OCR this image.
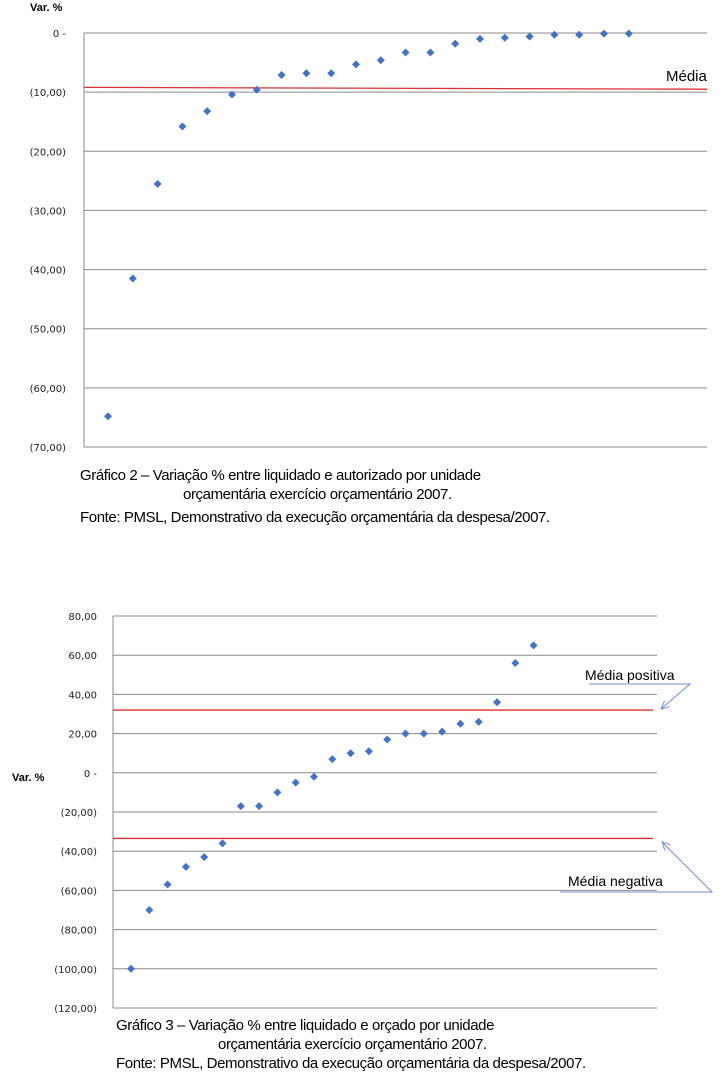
0 -
(10,00)
(20,00)
(30,00)
(40,00)
(50,00)
(60,00)
(70,00)
Var. %
Média
80,00
60,00
40,00
20,00
0 -
(20,00)
(40,00)
(60,00)
(80,00)
(100,00)
(120,00)
Var. %
Média positiva
Média negativa
Gráfico 2 – Variação % entre liquidado e autorizado por unidade
orçamentária exercício orçamentário 2007.
Fonte: PMSL, Demonstrativo da execução orçamentária da despesa/2007.
Gráfico 3 – Variação % entre liquidado e orçado por unidade
orçamentária exercício orçamentário 2007.
Fonte: PMSL, Demonstrativo da execução orçamentária da despesa/2007.
